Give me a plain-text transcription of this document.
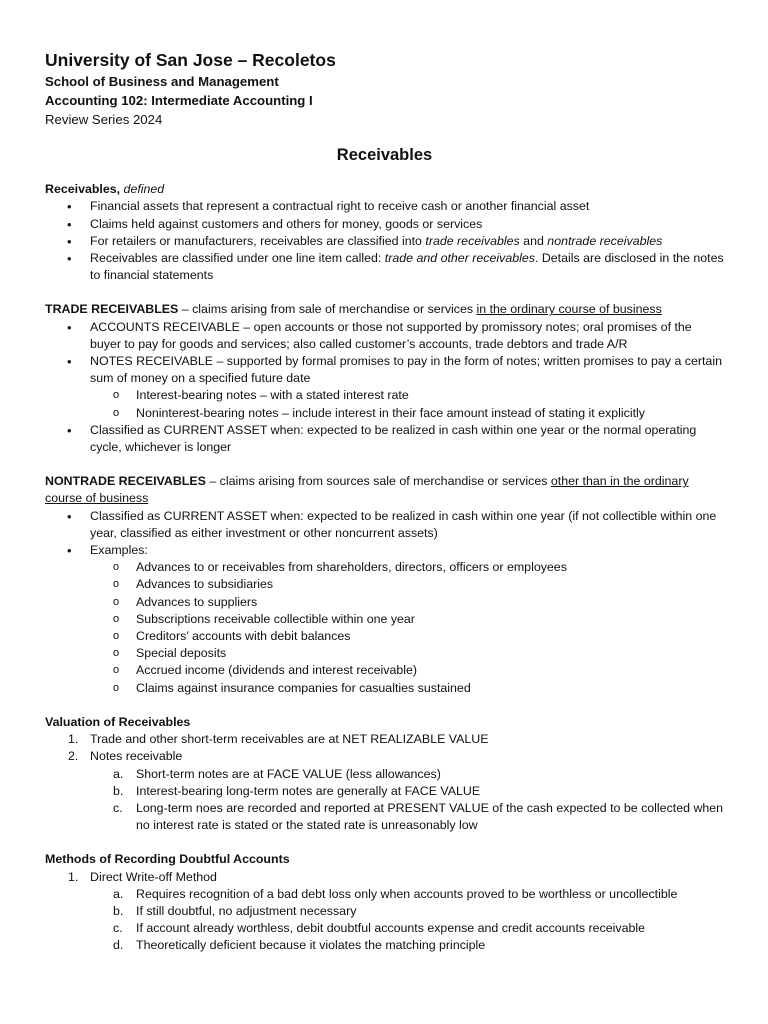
University of San Jose – Recoletos

School of Business and Management

Accounting 102: Intermediate Accounting I

Review Series 2024

Receivables

Receivables, defined

• Financial assets that represent a contractual right to receive cash or another financial asset
• Claims held against customers and others for money, goods or services
• For retailers or manufacturers, receivables are classified into trade receivables and nontrade receivables
• Receivables are classified under one line item called: trade and other receivables. Details are disclosed in the notes to financial statements

TRADE RECEIVABLES – claims arising from sale of merchandise or services in the ordinary course of business

• ACCOUNTS RECEIVABLE – open accounts or those not supported by promissory notes; oral promises of the buyer to pay for goods and services; also called customer’s accounts, trade debtors and trade A/R
• NOTES RECEIVABLE – supported by formal promises to pay in the form of notes; written promises to pay a certain sum of money on a specified future date
o Interest-bearing notes – with a stated interest rate
o Noninterest-bearing notes – include interest in their face amount instead of stating it explicitly
• Classified as CURRENT ASSET when: expected to be realized in cash within one year or the normal operating cycle, whichever is longer

NONTRADE RECEIVABLES – claims arising from sources sale of merchandise or services other than in the ordinary course of business

• Classified as CURRENT ASSET when: expected to be realized in cash within one year (if not collectible within one year, classified as either investment or other noncurrent assets)
• Examples:
o Advances to or receivables from shareholders, directors, officers or employees
o Advances to subsidiaries
o Advances to suppliers
o Subscriptions receivable collectible within one year
o Creditors’ accounts with debit balances
o Special deposits
o Accrued income (dividends and interest receivable)
o Claims against insurance companies for casualties sustained

Valuation of Receivables

1. Trade and other short-term receivables are at NET REALIZABLE VALUE
2. Notes receivable
a. Short-term notes are at FACE VALUE (less allowances)
b. Interest-bearing long-term notes are generally at FACE VALUE
c. Long-term noes are recorded and reported at PRESENT VALUE of the cash expected to be collected when no interest rate is stated or the stated rate is unreasonably low

Methods of Recording Doubtful Accounts

1. Direct Write-off Method
a. Requires recognition of a bad debt loss only when accounts proved to be worthless or uncollectible
b. If still doubtful, no adjustment necessary
c. If account already worthless, debit doubtful accounts expense and credit accounts receivable
d. Theoretically deficient because it violates the matching principle
